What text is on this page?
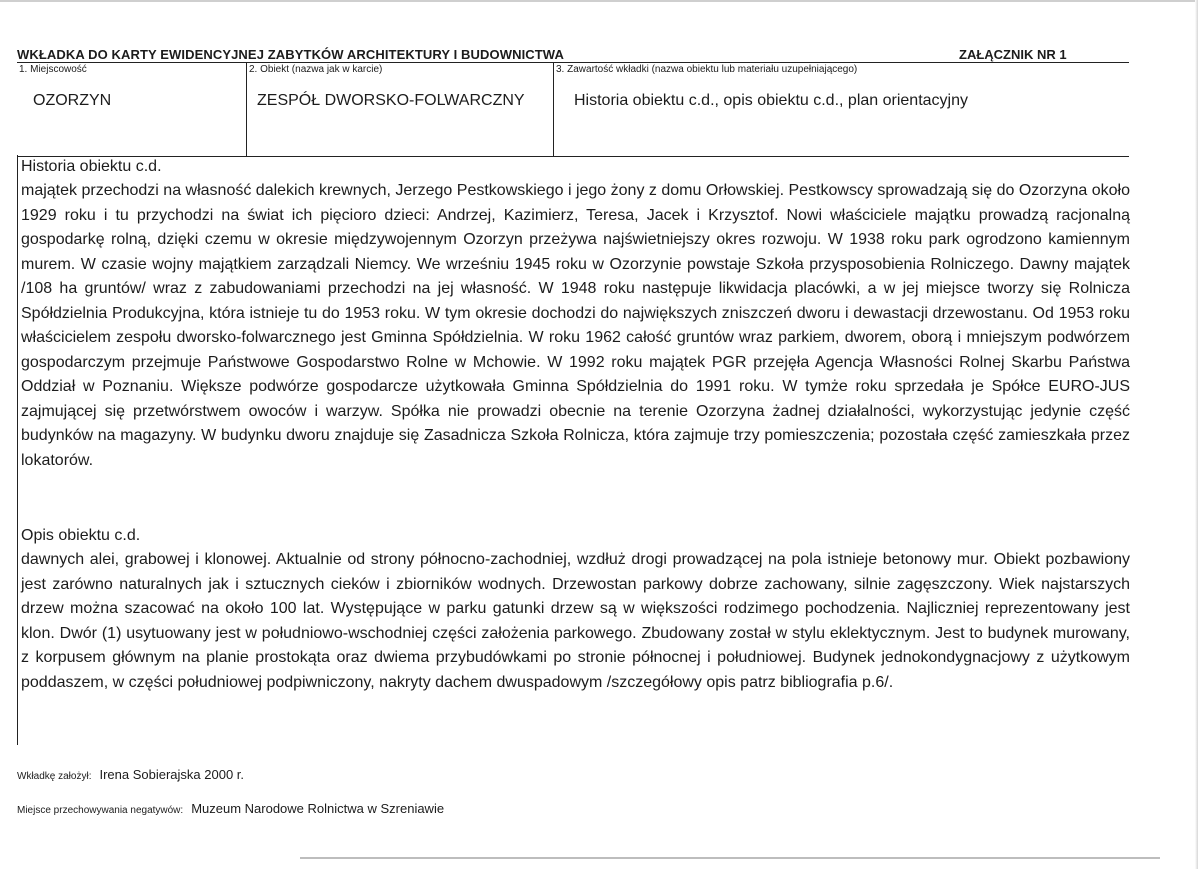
WKŁADKA DO KARTY EWIDENCYJNEJ ZABYTKÓW ARCHITEKTURY I BUDOWNICTWA	ZAŁĄCZNIK NR 1
1. Miejscowość
OZORZYN
2. Obiekt (nazwa jak w karcie)
ZESPÓŁ DWORSKO-FOLWARCZNY
3. Zawartość wkładki (nazwa obiektu lub materiału uzupełniającego)
Historia obiektu c.d., opis obiektu c.d., plan orientacyjny
Historia obiektu c.d.

majątek przechodzi na własność dalekich krewnych, Jerzego Pestkowskiego i jego żony z domu Orłowskiej. Pestkowscy sprowadzają się do Ozorzyna około 1929 roku i tu przychodzi na świat ich pięcioro dzieci: Andrzej, Kazimierz, Teresa, Jacek i Krzysztof. Nowi właściciele majątku prowadzą racjonalną gospodarkę rolną, dzięki czemu w okresie międzywojennym Ozorzyn przeżywa najświetniejszy okres rozwoju. W 1938 roku park ogrodzono kamiennym murem. W czasie wojny majątkiem zarządzali Niemcy. We wrześniu 1945 roku w Ozorzynie powstaje Szkoła przysposobienia Rolniczego. Dawny majątek /108 ha gruntów/ wraz z zabudowaniami przechodzi na jej własność. W 1948 roku następuje likwidacja placówki, a w jej miejsce tworzy się Rolnicza Spółdzielnia Produkcyjna, która istnieje tu do 1953 roku. W tym okresie dochodzi do największych zniszczeń dworu i dewastacji drzewostanu. Od 1953 roku właścicielem zespołu dworsko-folwarcznego jest Gminna Spółdzielnia. W roku 1962 całość gruntów wraz parkiem, dworem, oborą i mniejszym podwórzem gospodarczym przejmuje Państwowe Gospodarstwo Rolne w Mchowie. W 1992 roku majątek PGR przejęła Agencja Własności Rolnej Skarbu Państwa Oddział w Poznaniu. Większe podwórze gospodarcze użytkowała Gminna Spółdzielnia do 1991 roku. W tymże roku sprzedała je Spółce EURO-JUS zajmującej się przetwórstwem owoców i warzyw. Spółka nie prowadzi obecnie na terenie Ozorzyna żadnej działalności, wykorzystując jedynie część budynków na magazyny. W budynku dworu znajduje się Zasadnicza Szkoła Rolnicza, która zajmuje trzy pomieszczenia; pozostała część zamieszkała przez lokatorów.

Opis obiektu c.d.

dawnych alei, grabowej i klonowej. Aktualnie od strony północno-zachodniej, wzdłuż drogi prowadzącej na pola istnieje betonowy mur. Obiekt pozbawiony jest zarówno naturalnych jak i sztucznych cieków i zbiorników wodnych. Drzewostan parkowy dobrze zachowany, silnie zagęszczony. Wiek najstarszych drzew można szacować na około 100 lat. Występujące w parku gatunki drzew są w większości rodzimego pochodzenia. Najliczniej reprezentowany jest klon. Dwór (1) usytuowany jest w południowo-wschodniej części założenia parkowego. Zbudowany został w stylu eklektycznym. Jest to budynek murowany, z korpusem głównym na planie prostokąta oraz dwiema przybudówkami po stronie północnej i południowej. Budynek jednokondygnacjowy z użytkowym poddaszem, w części południowej podpiwniczony, nakryty dachem dwuspadowym /szczegółowy opis patrz bibliografia p.6/.

Wkładkę założył: Irena Sobierajska 2000 r.
Miejsce przechowywania negatywów: Muzeum Narodowe Rolnictwa w Szreniawie
